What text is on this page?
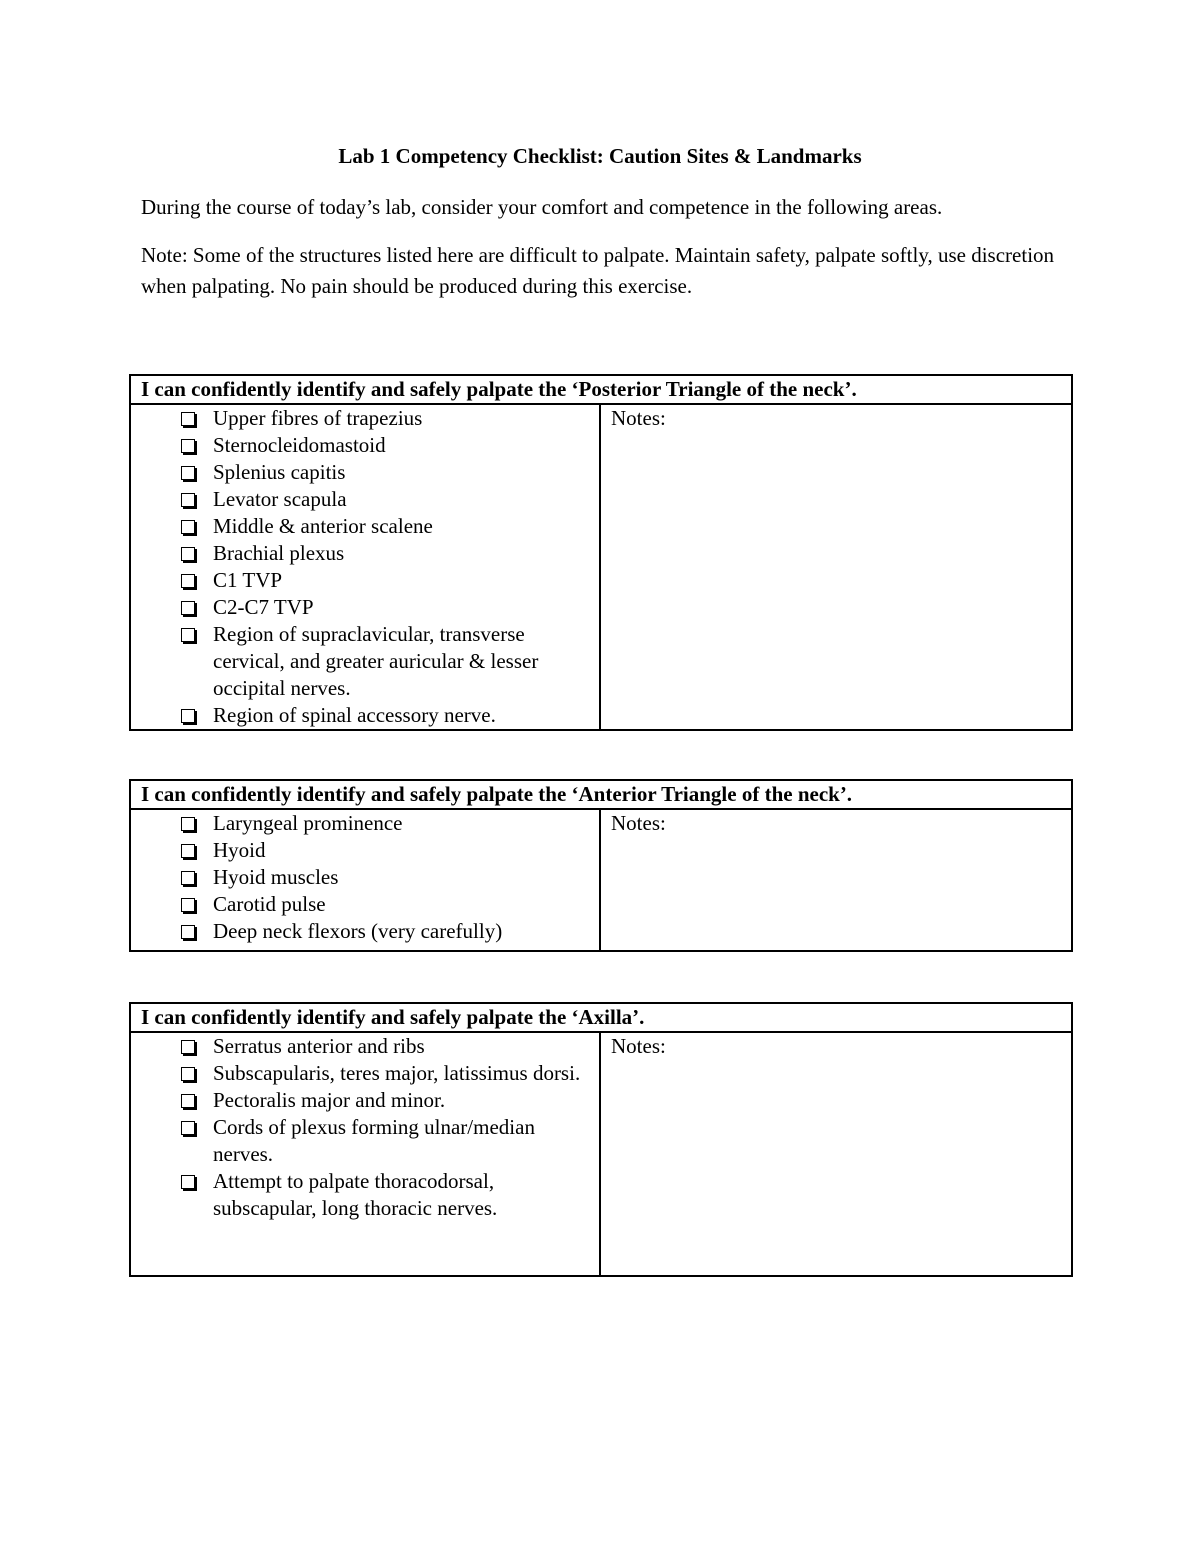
Lab 1 Competency Checklist: Caution Sites & Landmarks
During the course of today’s lab, consider your comfort and competence in the following areas.
Note: Some of the structures listed here are difficult to palpate. Maintain safety, palpate softly, use discretion when palpating. No pain should be produced during this exercise.
I can confidently identify and safely palpate the ‘Posterior Triangle of the neck’.

Upper fibres of trapezius
Sternocleidomastoid
Splenius capitis
Levator scapula
Middle & anterior scalene
Brachial plexus
C1 TVP
C2-C7 TVP
Region of supraclavicular, transverse cervical, and greater auricular & lesser occipital nerves.
Region of spinal accessory nerve.

Notes:
I can confidently identify and safely palpate the ‘Anterior Triangle of the neck’.

Laryngeal prominence
Hyoid
Hyoid muscles
Carotid pulse
Deep neck flexors (very carefully)

Notes:
I can confidently identify and safely palpate the ‘Axilla’.

Serratus anterior and ribs
Subscapularis, teres major, latissimus dorsi.
Pectoralis major and minor.
Cords of plexus forming ulnar/median nerves.
Attempt to palpate thoracodorsal, subscapular, long thoracic nerves.

Notes:
